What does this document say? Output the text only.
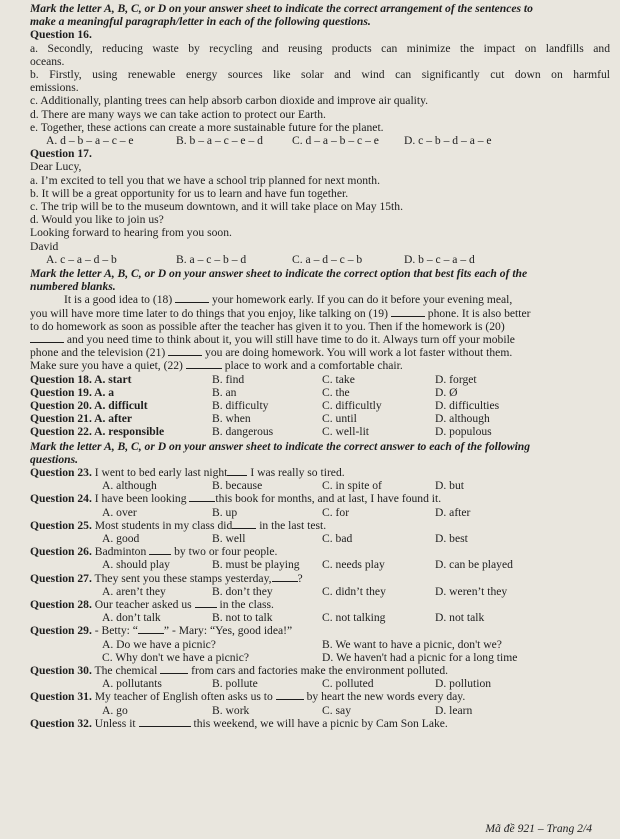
Mark the letter A, B, C, or D on your answer sheet to indicate the correct arrangement of the sentences to
make a meaningful paragraph/letter in each of the following questions.
Question 16.
a. Secondly, reducing waste by recycling and reusing products can minimize the impact on landfills and
oceans.
b. Firstly, using renewable energy sources like solar and wind can significantly cut down on harmful
emissions.
c. Additionally, planting trees can help absorb carbon dioxide and improve air quality.
d. There are many ways we can take action to protect our Earth.
e. Together, these actions can create a more sustainable future for the planet.
A. d – b – a – c – e	B. b – a – c – e – d	C. d – a – b – c – e D. c – b – d – a – e
Question 17.
Dear Lucy,
a. I’m excited to tell you that we have a school trip planned for next month.
b. It will be a great opportunity for us to learn and have fun together.
c. The trip will be to the museum downtown, and it will take place on May 15th.
d. Would you like to join us?
Looking forward to hearing from you soon.
David
A. c – a – d – b	B. a – c – b – d	C. a – d – c – b	D. b – c – a – d
Mark the letter A, B, C, or D on your answer sheet to indicate the correct option that best fits each of the
numbered blanks.
It is a good idea to (18)	your homework early. If you can do it before your evening meal,
you will have more time later to do things that you enjoy, like talking on (19)	phone. It is also better
to do homework as soon as possible after the teacher has given it to you. Then if the homework is (20)
and you need time to think about it, you will still have time to do it. Always turn off your mobile
phone and the television (21)	you are doing homework. You will work a lot faster without them.
Make sure you have a quiet, (22)	place to work and a comfortable chair.
Question 18. A. start	B. find	C. take	D. forget
Question 19. A. a	B. an	C. the	D. Ø
Question 20. A. difficult	B. difficulty	C. difficultly	D. difficulties
Question 21. A. after	B. when	C. until	D. although
Question 22. A. responsible	B. dangerous	C. well-lit	D. populous
Mark the letter A, B, C, or D on your answer sheet to indicate the correct answer to each of the following
questions.
Question 23. I went to bed early last night I was really so tired.
A. although	B. because	C. in spite of	D. but
Question 24. I have been looking this book for months, and at last, I have found it.
A. over	B. up	C. for	D. after
Question 25. Most students in my class did in the last test.
A. good	B. well	C. bad	D. best
Question 26. Badminton by two or four people.
A. should play	B. must be playing C. needs play	D. can be played
Question 27. They sent you these stamps yesterday, ?
A. aren’t they	B. don’t they	C. didn’t they	D. weren’t they
Question 28. Our teacher asked us in the class.
A. don’t talk	B. not to talk	C. not talking	D. not talk
Question 29. - Betty: “ ” - Mary: “Yes, good idea!”
A. Do we have a picnic?	B. We want to have a picnic, don't we?
C. Why don't we have a picnic?	D. We haven't had a picnic for a long time
Question 30. The chemical	from cars and factories make the environment polluted.
A. pollutants	B. pollute	C. polluted	D. pollution
Question 31. My teacher of English often asks us to	by heart the new words every day.
A. go	B. work	C. say	D. learn
Question 32. Unless it	this weekend, we will have a picnic by Cam Son Lake.
Mã đề 921 – Trang 2/4
